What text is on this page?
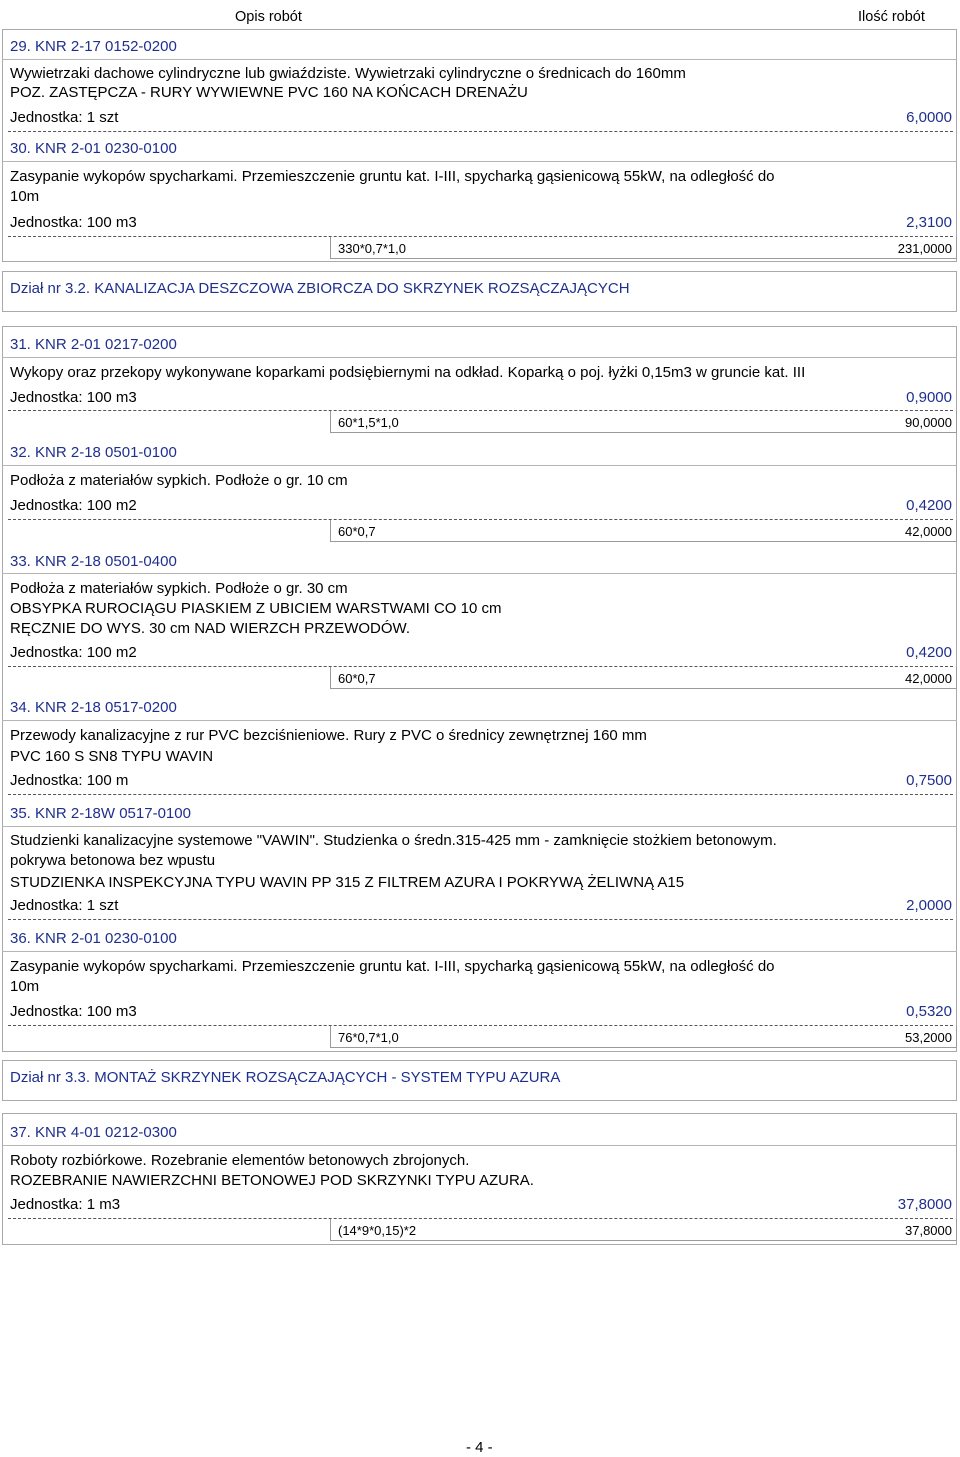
Opis robót	Ilość robót
29. KNR 2-17 0152-0200
Wywietrzaki dachowe cylindryczne lub gwiaździste. Wywietrzaki cylindryczne o średnicach do 160mm
POZ. ZASTĘPCZA - RURY WYWIEWNE PVC 160 NA KOŃCACH DRENAŻU
Jednostka: 1 szt	6,0000
30. KNR 2-01 0230-0100
Zasypanie wykopów spycharkami. Przemieszczenie gruntu kat. I-III, spycharką gąsienicową 55kW, na odległość do
10m
Jednostka: 100 m3	2,3100
330*0,7*1,0	231,0000
Dział nr 3.2. KANALIZACJA DESZCZOWA ZBIORCZA DO SKRZYNEK ROZSĄCZAJĄCYCH
31. KNR 2-01 0217-0200
Wykopy oraz przekopy wykonywane koparkami podsiębiernymi na odkład. Koparką o poj. łyżki 0,15m3 w gruncie kat. III
Jednostka: 100 m3	0,9000
60*1,5*1,0	90,0000
32. KNR 2-18 0501-0100
Podłoża z materiałów sypkich. Podłoże o gr. 10 cm
Jednostka: 100 m2	0,4200
60*0,7	42,0000
33. KNR 2-18 0501-0400
Podłoża z materiałów sypkich. Podłoże o gr. 30 cm
OBSYPKA RUROCIĄGU PIASKIEM Z UBICIEM WARSTWAMI CO 10 cm
RĘCZNIE DO WYS. 30 cm NAD WIERZCH PRZEWODÓW.
Jednostka: 100 m2	0,4200
60*0,7	42,0000
34. KNR 2-18 0517-0200
Przewody kanalizacyjne z rur PVC bezciśnieniowe. Rury z PVC o średnicy zewnętrznej 160 mm
PVC 160 S SN8 TYPU WAVIN
Jednostka: 100 m	0,7500
35. KNR 2-18W 0517-0100
Studzienki kanalizacyjne systemowe "VAWIN". Studzienka o średn.315-425 mm - zamknięcie stożkiem betonowym.
pokrywa betonowa bez wpustu
STUDZIENKA INSPEKCYJNA TYPU WAVIN PP 315 Z FILTREM AZURA I POKRYWĄ ŻELIWNĄ A15
Jednostka: 1 szt	2,0000
36. KNR 2-01 0230-0100
Zasypanie wykopów spycharkami. Przemieszczenie gruntu kat. I-III, spycharką gąsienicową 55kW, na odległość do
10m
Jednostka: 100 m3	0,5320
76*0,7*1,0	53,2000
Dział nr 3.3. MONTAŻ SKRZYNEK ROZSĄCZAJĄCYCH - SYSTEM TYPU AZURA
37. KNR 4-01 0212-0300
Roboty rozbiórkowe. Rozebranie elementów betonowych zbrojonych.
ROZEBRANIE NAWIERZCHNI BETONOWEJ POD SKRZYNKI TYPU AZURA.
Jednostka: 1 m3	37,8000
(14*9*0,15)*2	37,8000
- 4 -
